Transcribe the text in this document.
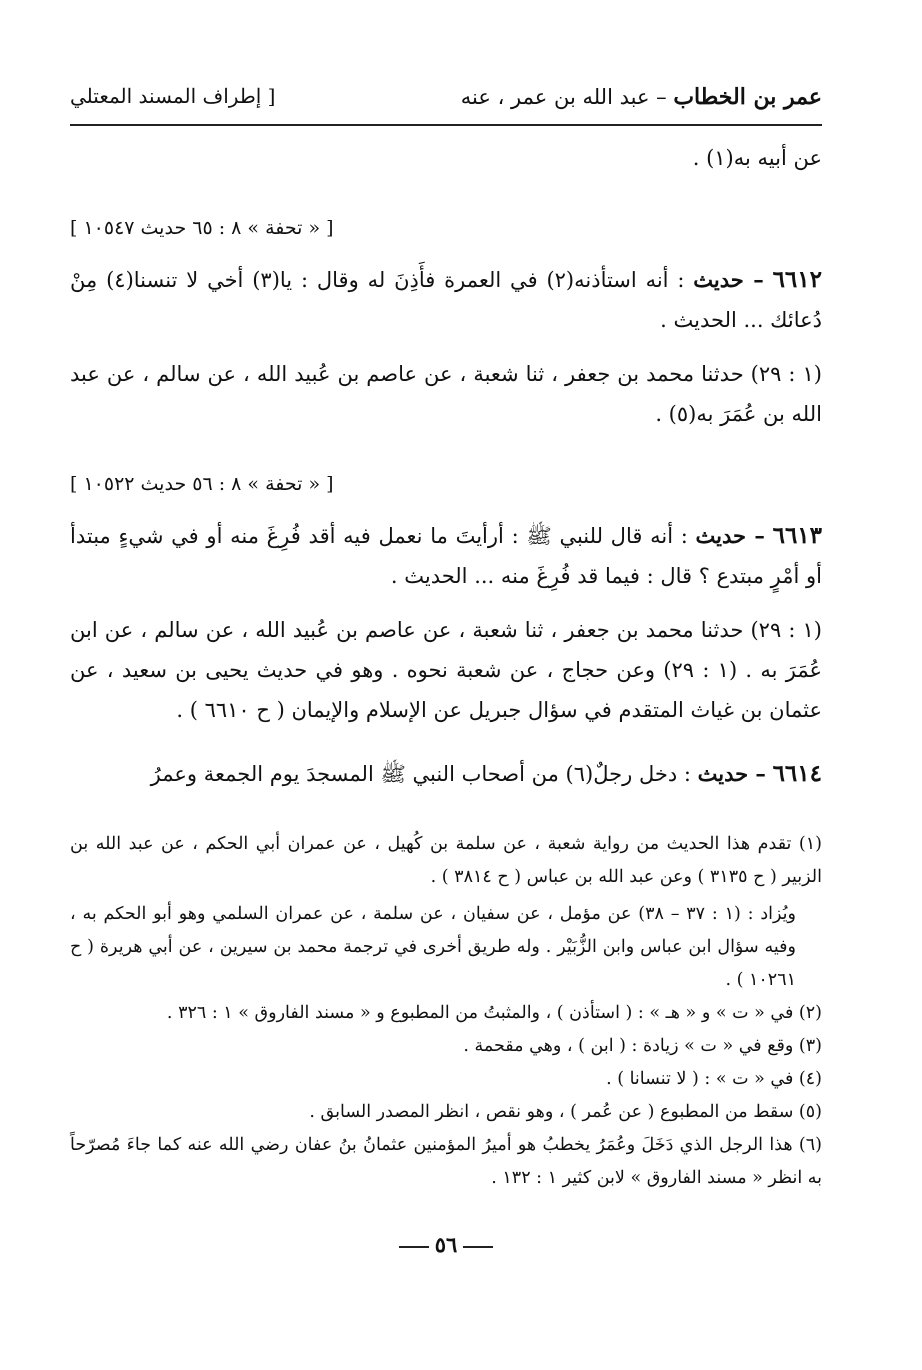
عمر بن الخطاب – عبد الله بن عمر ، عنه
[ إطراف المسند المعتلي

عن أبيه به(١) .

[ « تحفة » ٨ : ٦٥ حديث ١٠٥٤٧ ]

٦٦١٢ – حديث : أنه استأذنه(٢) في العمرة فأَذِنَ له وقال : يا(٣) أخي لا تنسنا(٤) مِنْ دُعائك ... الحديث .

(١ : ٢٩) حدثنا محمد بن جعفر ، ثنا شعبة ، عن عاصم بن عُبيد الله ، عن سالم ، عن عبد الله بن عُمَرَ به(٥) .

[ « تحفة » ٨ : ٥٦ حديث ١٠٥٢٢ ]

٦٦١٣ – حديث : أنه قال للنبي ﷺ : أرأيتَ ما نعمل فيه أقد فُرِغَ منه أو في شيءٍ مبتدأ أو أمْرٍ مبتدع ؟ قال : فيما قد فُرِغَ منه ... الحديث .

(١ : ٢٩) حدثنا محمد بن جعفر ، ثنا شعبة ، عن عاصم بن عُبيد الله ، عن سالم ، عن ابن عُمَرَ به . (١ : ٢٩) وعن حجاج ، عن شعبة نحوه . وهو في حديث يحيى بن سعيد ، عن عثمان بن غياث المتقدم في سؤال جبريل عن الإسلام والإيمان ( ح ٦٦١٠ ) .

٦٦١٤ – حديث : دخل رجلٌ(٦) من أصحاب النبي ﷺ المسجدَ يوم الجمعة وعمرُ

(١) تقدم هذا الحديث من رواية شعبة ، عن سلمة بن كُهيل ، عن عمران أبي الحكم ، عن عبد الله بن الزبير ( ح ٣١٣٥ ) وعن عبد الله بن عباس ( ح ٣٨١٤ ) .

ويُزاد : (١ : ٣٧ – ٣٨) عن مؤمل ، عن سفيان ، عن سلمة ، عن عمران السلمي وهو أبو الحكم به ، وفيه سؤال ابن عباس وابن الزُّبَيْر . وله طريق أخرى في ترجمة محمد بن سيرين ، عن أبي هريرة ( ح ١٠٢٦١ ) .

(٢) في « ت » و « هـ » : ( استأذن ) ، والمثبتُ من المطبوع و « مسند الفاروق » ١ : ٣٢٦ .

(٣) وقع في « ت » زيادة : ( ابن ) ، وهي مقحمة .

(٤) في « ت » : ( لا تنسانا ) .

(٥) سقط من المطبوع ( عن عُمر ) ، وهو نقص ، انظر المصدر السابق .

(٦) هذا الرجل الذي دَخَلَ وعُمَرُ يخطبُ هو أميرُ المؤمنين عثمانُ بنُ عفان رضي الله عنه كما جاءَ مُصرّحاً به انظر « مسند الفاروق » لابن كثير ١ : ١٣٢ .

٥٦
